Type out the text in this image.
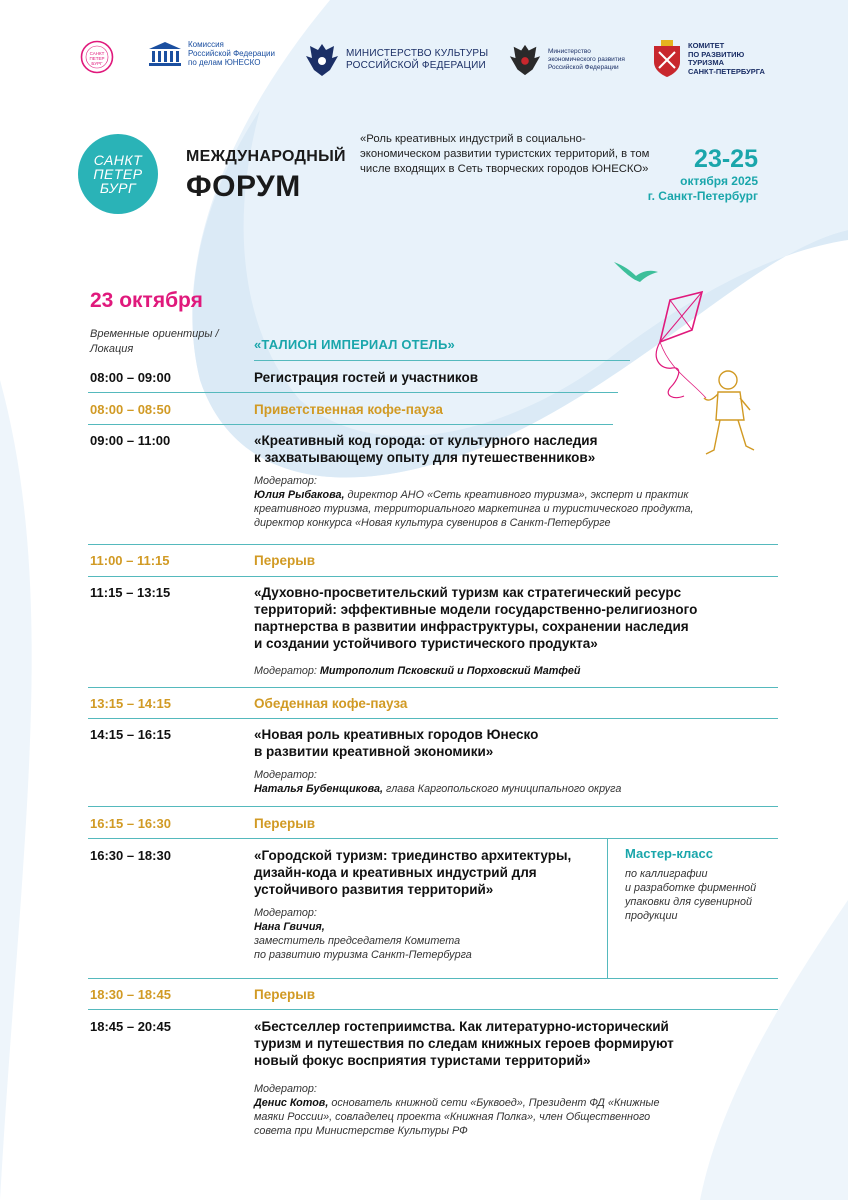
САНКТ ПЕТЕР БУРГ
Комиссия
Российской Федерации
по делам ЮНЕСКО
МИНИСТЕРСТВО КУЛЬТУРЫ
РОССИЙСКОЙ ФЕДЕРАЦИИ
Министерство
экономического развития
Российской Федерации
КОМИТЕТ
ПО РАЗВИТИЮ
ТУРИЗМА
САНКТ-ПЕТЕРБУРГА
САНКТ
ПЕТЕР
БУРГ
МЕЖДУНАРОДНЫЙ
ФОРУМ
«Роль креативных индустрий в социально-экономическом развитии туристских территорий, в том числе входящих в Сеть творческих городов ЮНЕСКО»	23-25
октября 2025
г. Санкт-Петербург
23 октября
Временные ориентиры / Локация	«ТАЛИОН ИМПЕРИАЛ ОТЕЛЬ»
08:00 – 09:00	Регистрация гостей и участников
08:00 – 08:50	Приветственная кофе-пауза
09:00 – 11:00	«Креативный код города: от культурного наследия
к захватывающему опыту для путешественников»
Модератор:
Юлия Рыбакова, директор АНО «Сеть креативного туризма», эксперт и практик
креативного туризма, территориального маркетинга и туристического продукта,
директор конкурса «Новая культура сувениров в Санкт-Петербурге
11:00 – 11:15	Перерыв
11:15 – 13:15	«Духовно-просветительский туризм как стратегический ресурс
территорий: эффективные модели государственно-религиозного
партнерства в развитии инфраструктуры, сохранении наследия
и создании устойчивого туристического продукта»
Модератор: Митрополит Псковский и Порховский Матфей
13:15 – 14:15	Обеденная кофе-пауза
14:15 – 16:15	«Новая роль креативных городов Юнеско
в развитии креативной экономики»
Модератор:
Наталья Бубенщикова, глава Каргопольского муниципального округа
16:15 – 16:30	Перерыв
16:30 – 18:30	«Городской туризм: триединство архитектуры,
дизайн-кода и креативных индустрий для
устойчивого развития территорий»
Модератор:
Нана Гвичия,
заместитель председателя Комитета
по развитию туризма Санкт-Петербурга
Мастер-класс
по каллиграфии
и разработке фирменной
упаковки для сувенирной
продукции
18:30 – 18:45	Перерыв
18:45 – 20:45	«Бестселлер гостеприимства. Как литературно-исторический
туризм и путешествия по следам книжных героев формируют
новый фокус восприятия туристами территорий»
Модератор:
Денис Котов, основатель книжной сети «Буквоед», Президент ФД «Книжные
маяки России», совладелец проекта «Книжная Полка», член Общественного
совета при Министерстве Культуры РФ
